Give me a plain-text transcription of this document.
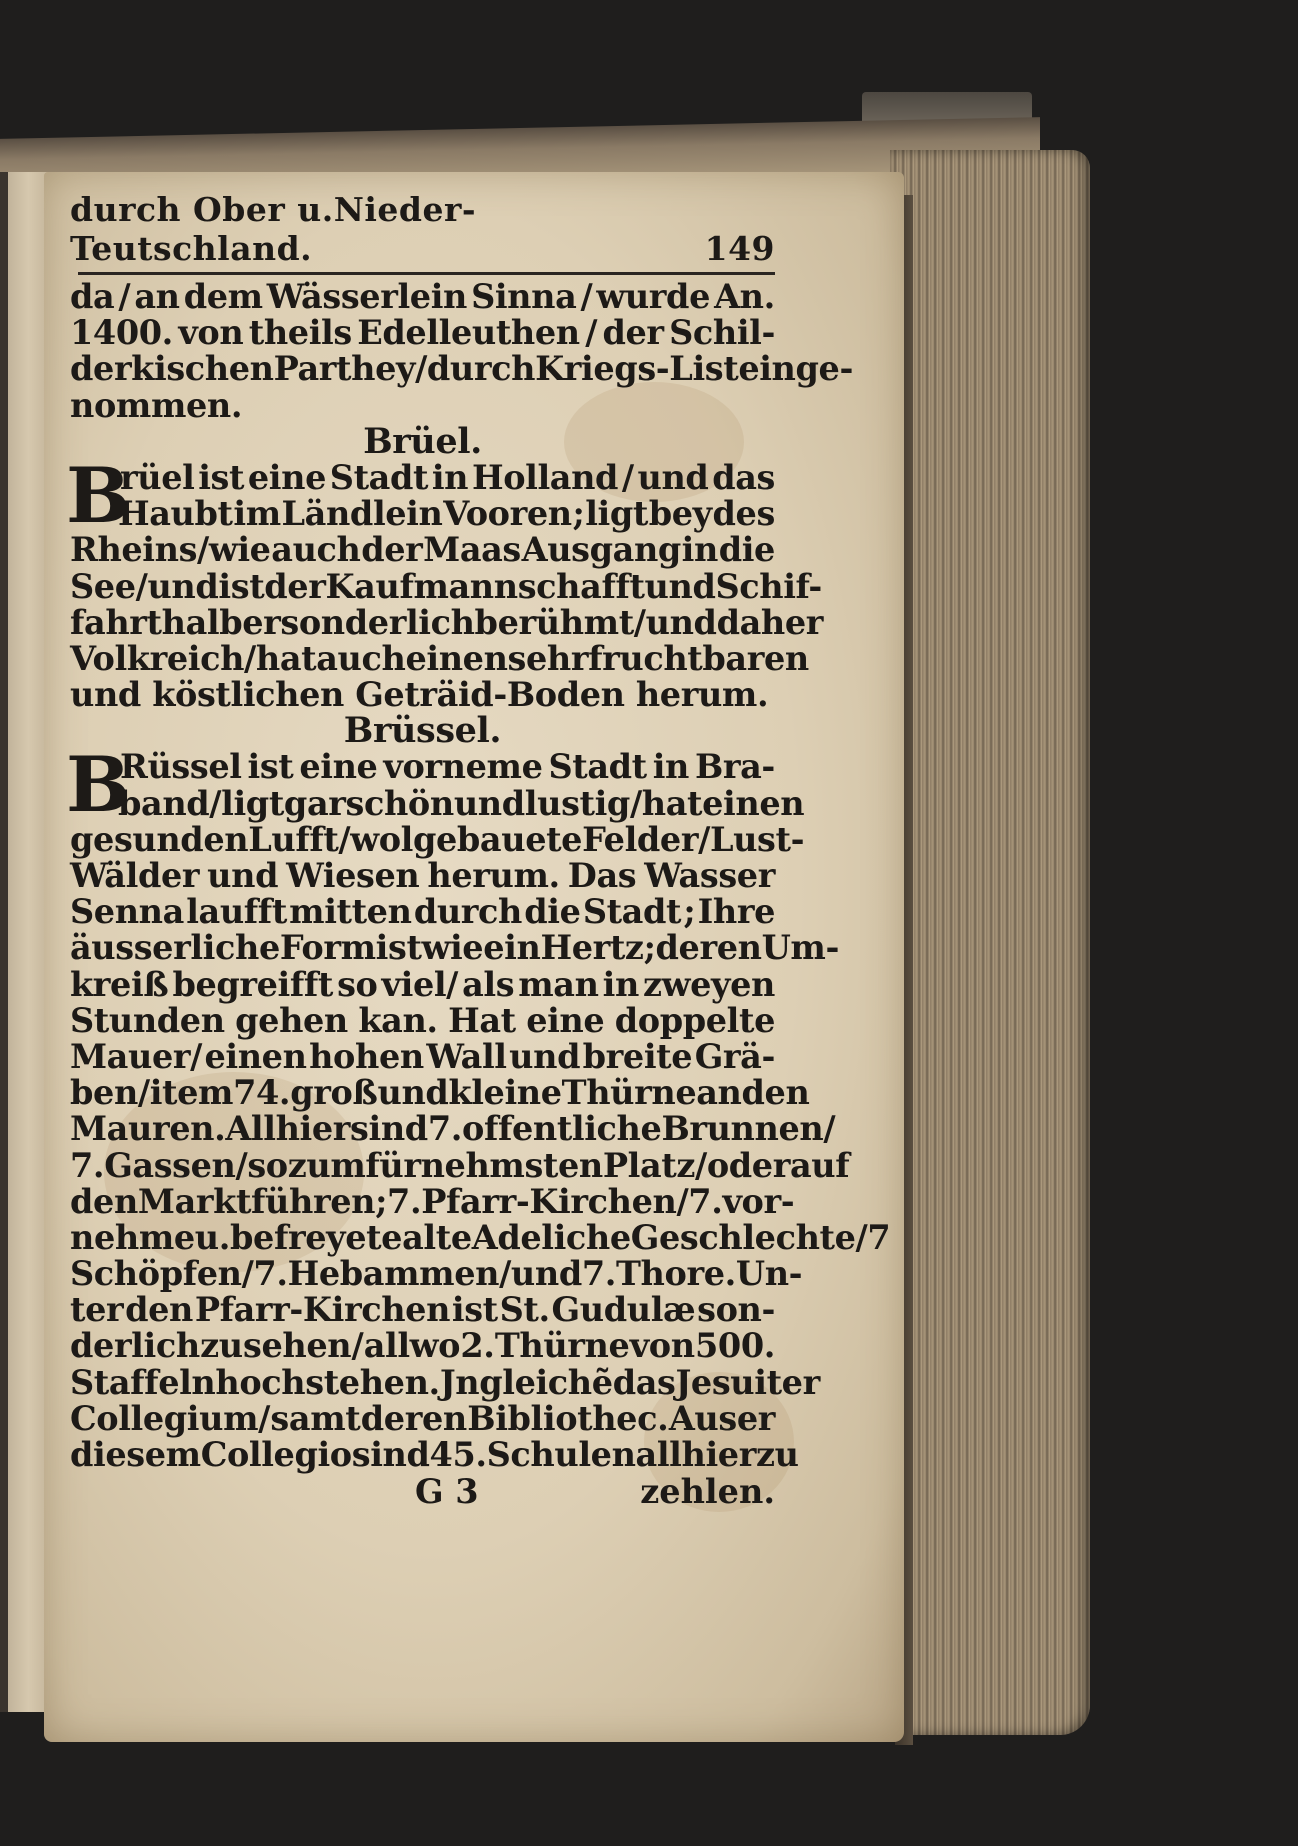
durch Ober u.Nieder-Teutschland.	149
da / an dem Wässerlein Sinna / wurde An.
1400. von theils Edelleuthen / der Schil-
derkischen Parthey/ durch Kriegs-List einge-
nommen.
Brüel.
B
rüel ist eine Stadt in Holland / und das
Haubt im Ländlein Vooren ; ligt bey des
Rheins/wie auch der Maas Ausgang in die
See/und ist der Kaufmannschafft und Schif-
fahrt halber sonderlich berühmt / und daher
Volkreich/ hat auch einen sehr fruchtbaren
und köstlichen Geträid-Boden herum.
Brüssel.
B
Rüssel ist eine vorneme Stadt in Bra-
band/ ligt gar schön und lustig/ hat einen
gesunden Lufft/ wolgebauete Felder / Lust-
Wälder und Wiesen herum. Das Wasser
Senna laufft mitten durch die Stadt ; Ihre
äusserliche Form ist wie ein Hertz ; deren Um-
kreiß begreifft so viel/ als man in zweyen
Stunden gehen kan. Hat eine doppelte
Mauer/ einen hohen Wall und breite Grä-
ben/ item 74. groß und kleine Thürne an den
Mauren. Allhier sind 7. offentliche Brunnen/
7. Gassen/so zum fürnehmsten Platz/oder auf
den Markt führen ; 7. Pfarr-Kirchen/ 7. vor-
nehme u.befreyete alte Adeliche Geschlechte/7
Schöpfen/7. Hebammen/und 7. Thore. Un-
ter den Pfarr-Kirchen ist St. Gudulæ son-
derlich zu sehen / allwo 2. Thürne von 500.
Staffeln hoch stehen. Jngleichẽ das Jesuiter
Collegium/ samt deren Bibliothec. Auser
diesem Collegio sind 45. Schulen allhier zu
G 3	zehlen.
